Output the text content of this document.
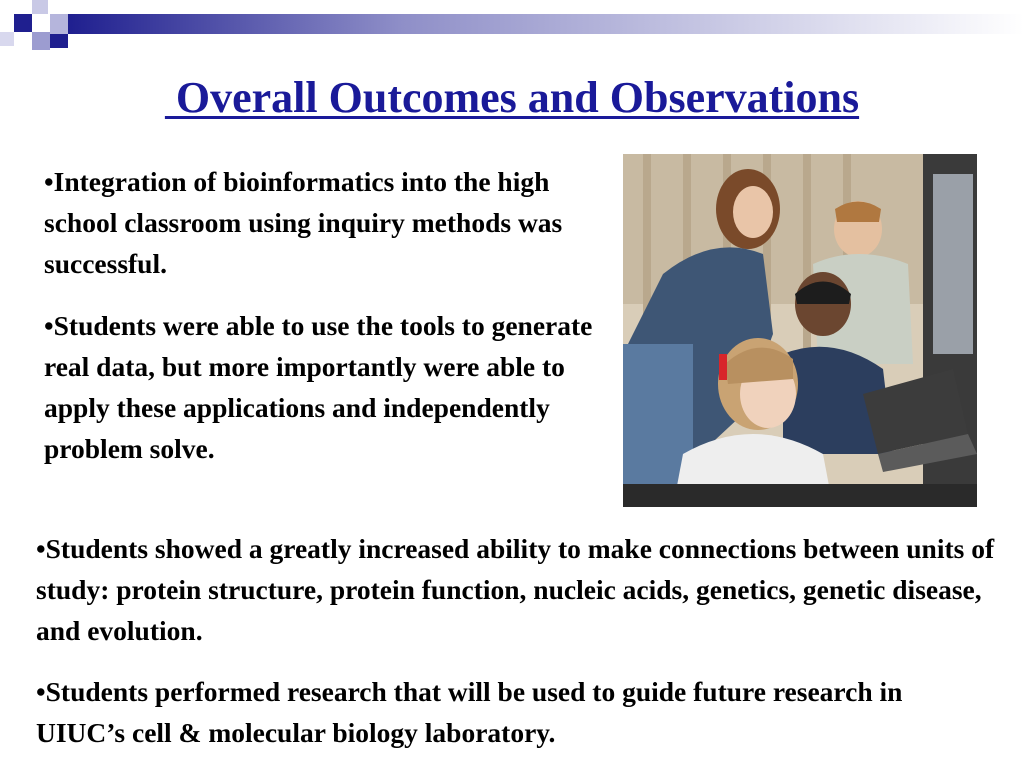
Overall Outcomes and Observations

•Integration of bioinformatics into the high school classroom using inquiry methods was successful.

•Students were able to use the tools to generate real data, but more importantly were able to apply these applications and independently problem solve.

•Students showed a greatly increased ability to make connections between units of study: protein structure, protein function, nucleic acids, genetics, genetic disease, and evolution.

•Students performed research that will be used to guide future research in UIUC’s cell & molecular biology laboratory.
